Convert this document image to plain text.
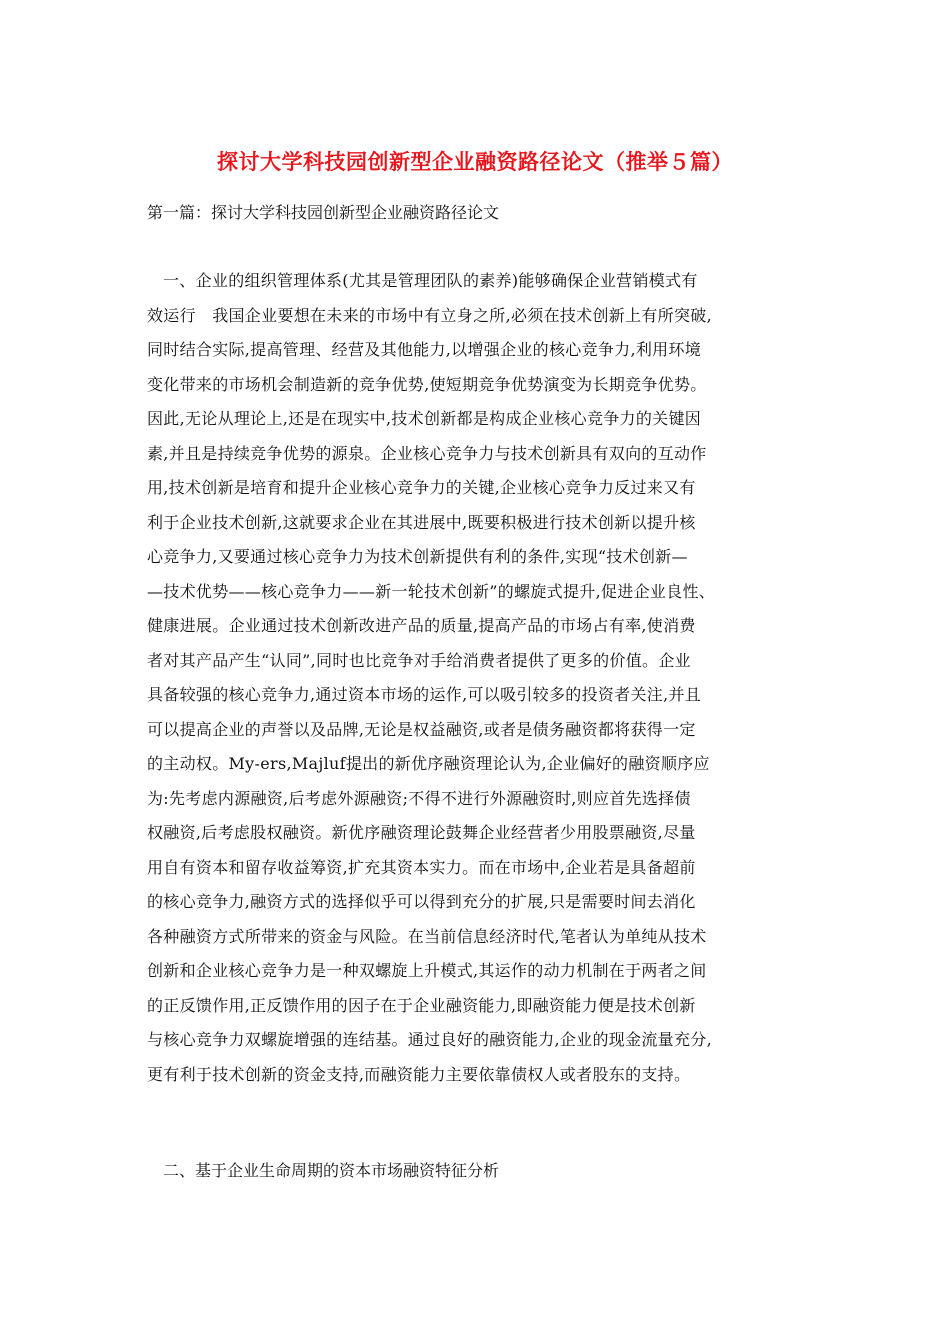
探讨大学科技园创新型企业融资路径论文（推举５篇）
第一篇：探讨大学科技园创新型企业融资路径论文
一、企业的组织管理体系(尤其是管理团队的素养)能够确保企业营销模式有
效运行　我国企业要想在未来的市场中有立身之所,必须在技术创新上有所突破,
同时结合实际,提高管理、经营及其他能力,以增强企业的核心竞争力,利用环境
变化带来的市场机会制造新的竞争优势,使短期竞争优势演变为长期竞争优势。
因此,无论从理论上,还是在现实中,技术创新都是构成企业核心竞争力的关键因
素,并且是持续竞争优势的源泉。企业核心竞争力与技术创新具有双向的互动作
用,技术创新是培育和提升企业核心竞争力的关键,企业核心竞争力反过来又有
利于企业技术创新,这就要求企业在其进展中,既要积极进行技术创新以提升核
心竞争力,又要通过核心竞争力为技术创新提供有利的条件,实现“技术创新—
—技术优势——核心竞争力——新一轮技术创新”的螺旋式提升,促进企业良性、
健康进展。企业通过技术创新改进产品的质量,提高产品的市场占有率,使消费
者对其产品产生“认同”,同时也比竞争对手给消费者提供了更多的价值。企业
具备较强的核心竞争力,通过资本市场的运作,可以吸引较多的投资者关注,并且
可以提高企业的声誉以及品牌,无论是权益融资,或者是债务融资都将获得一定
的主动权。My-ers,Majluf提出的新优序融资理论认为,企业偏好的融资顺序应
为:先考虑内源融资,后考虑外源融资;不得不进行外源融资时,则应首先选择债
权融资,后考虑股权融资。新优序融资理论鼓舞企业经营者少用股票融资,尽量
用自有资本和留存收益筹资,扩充其资本实力。而在市场中,企业若是具备超前
的核心竞争力,融资方式的选择似乎可以得到充分的扩展,只是需要时间去消化
各种融资方式所带来的资金与风险。在当前信息经济时代,笔者认为单纯从技术
创新和企业核心竞争力是一种双螺旋上升模式,其运作的动力机制在于两者之间
的正反馈作用,正反馈作用的因子在于企业融资能力,即融资能力便是技术创新
与核心竞争力双螺旋增强的连结基。通过良好的融资能力,企业的现金流量充分,
更有利于技术创新的资金支持,而融资能力主要依靠债权人或者股东的支持。
二、基于企业生命周期的资本市场融资特征分析
